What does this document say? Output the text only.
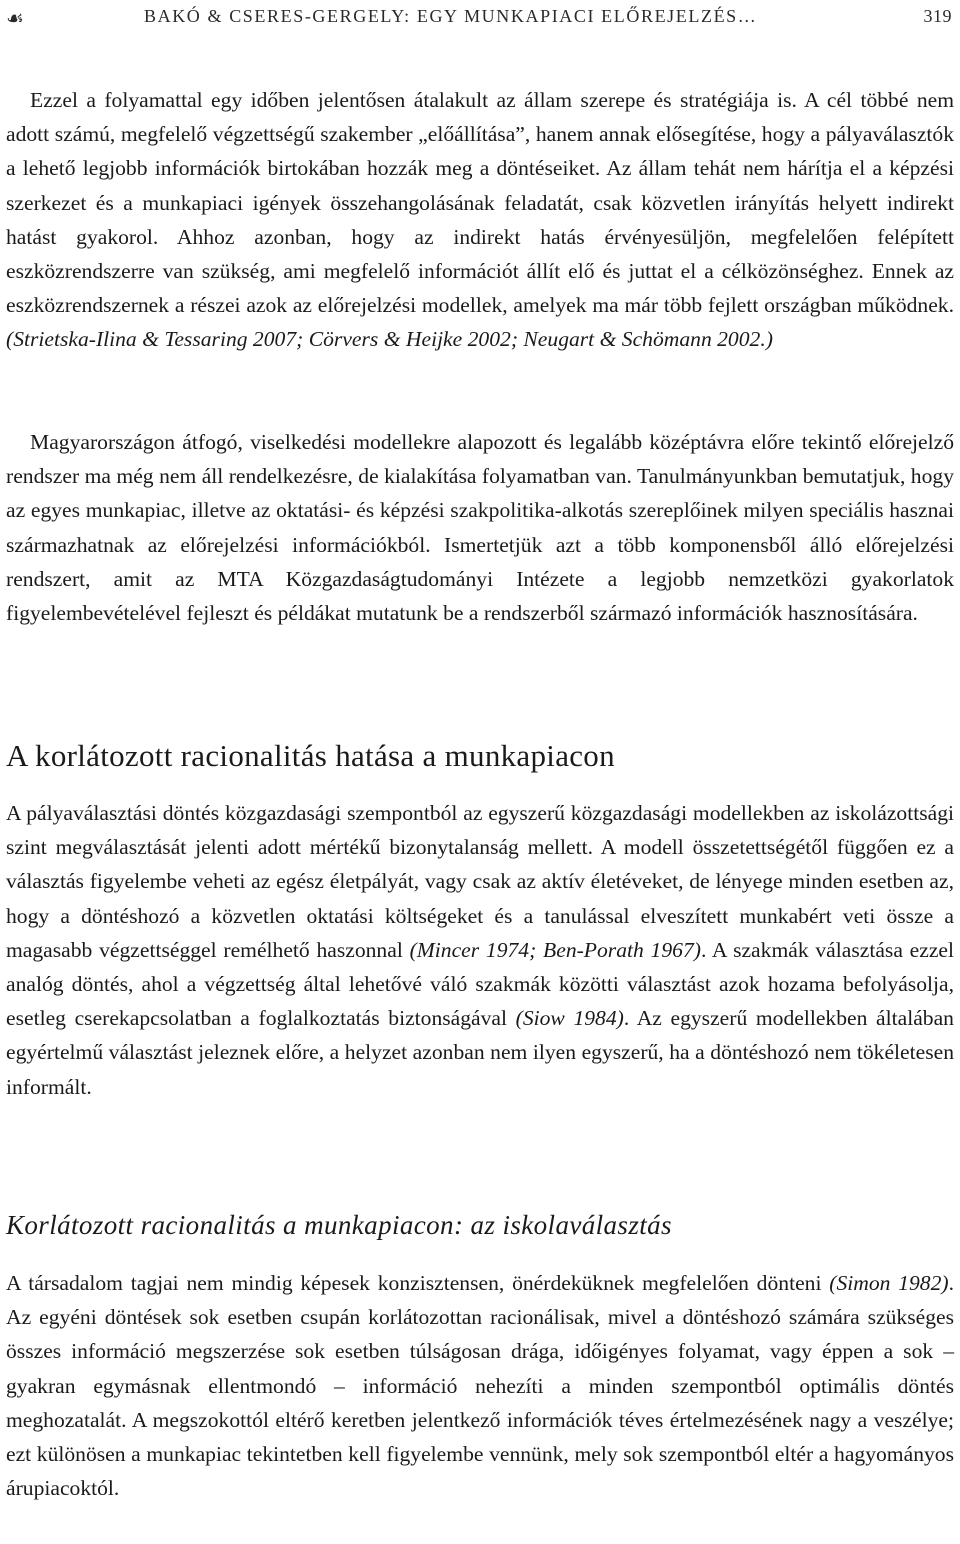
☙	BAKÓ & CSERES-GERGELY: EGY MUNKAPIACI ELŐREJELZÉS…	319

Ezzel a folyamattal egy időben jelentősen átalakult az állam szerepe és stratégiája is. A cél többé nem adott számú, megfelelő végzettségű szakember „előállítása”, hanem annak elősegítése, hogy a pályaválasztók a lehető legjobb információk birtokában hozzák meg a döntéseiket. Az állam tehát nem hárítja el a képzési szerkezet és a munkapiaci igények összehangolásának feladatát, csak közvetlen irányítás helyett indirekt hatást gyakorol. Ahhoz azonban, hogy az indirekt hatás érvényesüljön, megfelelően felépített eszközrendszerre van szükség, ami megfelelő információt állít elő és juttat el a célközönséghez. Ennek az eszközrendszernek a részei azok az előrejelzési modellek, amelyek ma már több fejlett országban működnek. (Strietska-Ilina & Tessaring 2007; Cörvers & Heijke 2002; Neugart & Schömann 2002.)

Magyarországon átfogó, viselkedési modellekre alapozott és legalább középtávra előre tekintő előrejelző rendszer ma még nem áll rendelkezésre, de kialakítása folyamatban van. Tanulmányunkban bemutatjuk, hogy az egyes munkapiac, illetve az oktatási- és képzési szakpolitika-alkotás szereplőinek milyen speciális hasznai származhatnak az előrejelzési információkból. Ismertetjük azt a több komponensből álló előrejelzési rendszert, amit az MTA Közgazdaságtudományi Intézete a legjobb nemzetközi gyakorlatok figyelembevételével fejleszt és példákat mutatunk be a rendszerből származó információk hasznosítására.

A korlátozott racionalitás hatása a munkapiacon

A pályaválasztási döntés közgazdasági szempontból az egyszerű közgazdasági modellekben az iskolázottsági szint megválasztását jelenti adott mértékű bizonytalanság mellett. A modell összetettségétől függően ez a választás figyelembe veheti az egész életpályát, vagy csak az aktív életéveket, de lényege minden esetben az, hogy a döntéshozó a közvetlen oktatási költségeket és a tanulással elveszített munkabért veti össze a magasabb végzettséggel remélhető haszonnal (Mincer 1974; Ben-Porath 1967). A szakmák választása ezzel analóg döntés, ahol a végzettség által lehetővé váló szakmák közötti választást azok hozama befolyásolja, esetleg cserekapcsolatban a foglalkoztatás biztonságával (Siow 1984). Az egyszerű modellekben általában egyértelmű választást jeleznek előre, a helyzet azonban nem ilyen egyszerű, ha a döntéshozó nem tökéletesen informált.

Korlátozott racionalitás a munkapiacon: az iskolaválasztás

A társadalom tagjai nem mindig képesek konzisztensen, önérdeküknek megfelelően dönteni (Simon 1982). Az egyéni döntések sok esetben csupán korlátozottan racionálisak, mivel a döntéshozó számára szükséges összes információ megszerzése sok esetben túlságosan drága, időigényes folyamat, vagy éppen a sok – gyakran egymásnak ellentmondó – információ nehezíti a minden szempontból optimális döntés meghozatalát. A megszokottól eltérő keretben jelentkező információk téves értelmezésének nagy a veszélye; ezt különösen a munkapiac tekintetben kell figyelembe vennünk, mely sok szempontból eltér a hagyományos árupiacoktól.
